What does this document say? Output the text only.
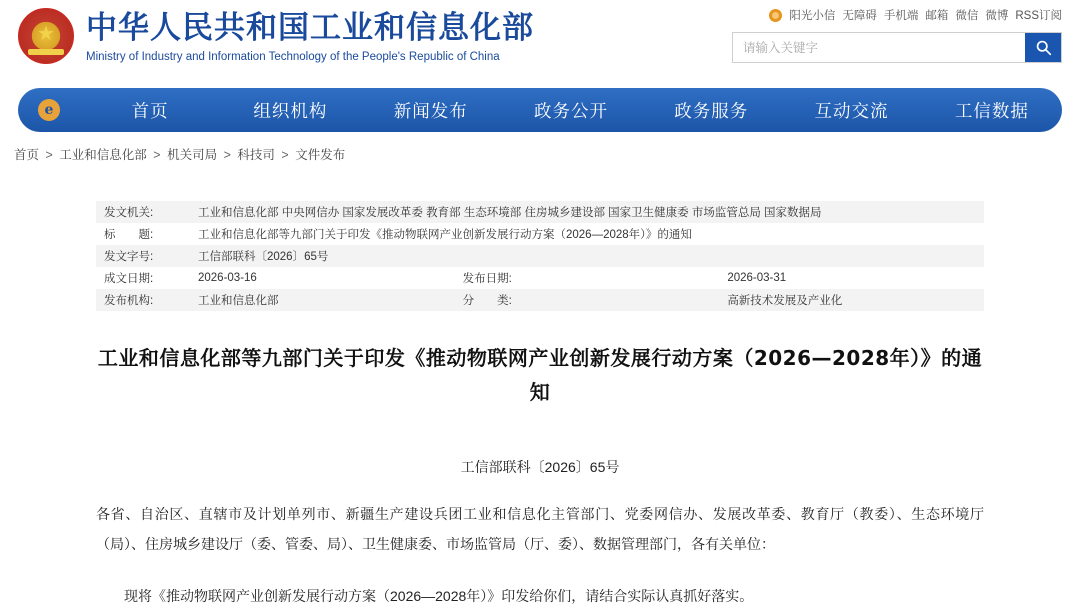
★
中华人民共和国工业和信息化部
Ministry of Industry and Information Technology of the People's Republic of China
阳光小信 无障碍 手机端 邮箱 微信 微博 RSS订阅
请输入关键字
e
首页	组织机构	新闻发布	政务公开	政务服务	互动交流	工信数据
首页 > 工业和信息化部 > 机关司局 > 科技司 > 文件发布
发文机关:	工业和信息化部 中央网信办 国家发展改革委 教育部 生态环境部 住房城乡建设部 国家卫生健康委 市场监管总局 国家数据局		
标　　题:	工业和信息化部等九部门关于印发《推动物联网产业创新发展行动方案（2026—2028年）》的通知		
发文字号:	工信部联科〔2026〕65号		
成文日期:	2026-03-16	发布日期:	2026-03-31
发布机构:	工业和信息化部	分　　类:	高新技术发展及产业化
工业和信息化部等九部门关于印发《推动物联网产业创新发展行动方案（2026—2028年）》的通知
工信部联科〔2026〕65号

各省、自治区、直辖市及计划单列市、新疆生产建设兵团工业和信息化主管部门、党委网信办、发展改革委、教育厅（教委）、生态环境厅（局）、住房城乡建设厅（委、管委、局）、卫生健康委、市场监管局（厅、委）、数据管理部门，各有关单位：

现将《推动物联网产业创新发展行动方案（2026—2028年）》印发给你们，请结合实际认真抓好落实。
